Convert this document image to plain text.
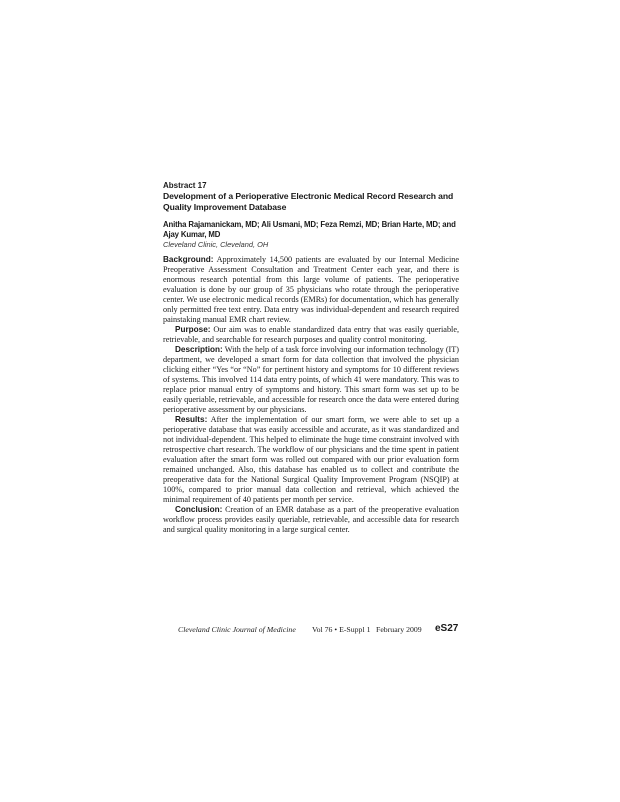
Abstract 17

Development of a Perioperative Electronic Medical Record Research and Quality Improvement Database

Anitha Rajamanickam, MD; Ali Usmani, MD; Feza Remzi, MD; Brian Harte, MD; and Ajay Kumar, MD

Cleveland Clinic, Cleveland, OH

Background: Approximately 14,500 patients are evaluated by our Internal Medicine Preoperative Assessment Consultation and Treatment Center each year, and there is enormous research potential from this large volume of patients. The perioperative evaluation is done by our group of 35 physicians who rotate through the perioperative center. We use electronic medical records (EMRs) for documentation, which has generally only permitted free text entry. Data entry was individual-dependent and research required painstaking manual EMR chart review.

Purpose: Our aim was to enable standardized data entry that was easily queriable, retrievable, and searchable for research purposes and quality control monitoring.

Description: With the help of a task force involving our information technology (IT) department, we developed a smart form for data collection that involved the physician clicking either “Yes “or “No” for pertinent history and symptoms for 10 different reviews of systems. This involved 114 data entry points, of which 41 were mandatory. This was to replace prior manual entry of symptoms and history. This smart form was set up to be easily queriable, retrievable, and accessible for research once the data were entered during perioperative assessment by our physicians.

Results: After the implementation of our smart form, we were able to set up a perioperative database that was easily accessible and accurate, as it was standardized and not individual-dependent. This helped to eliminate the huge time constraint involved with retrospective chart research. The workflow of our physicians and the time spent in patient evaluation after the smart form was rolled out compared with our prior evaluation form remained unchanged. Also, this database has enabled us to collect and contribute the preoperative data for the National Surgical Quality Improvement Program (NSQIP) at 100%, compared to prior manual data collection and retrieval, which achieved the minimal requirement of 40 patients per month per service.

Conclusion: Creation of an EMR database as a part of the preoperative evaluation workflow process provides easily queriable, retrievable, and accessible data for research and surgical quality monitoring in a large surgical center.

Cleveland Clinic Journal of Medicine Vol 76 • E-Suppl 1 February 2009 eS27
